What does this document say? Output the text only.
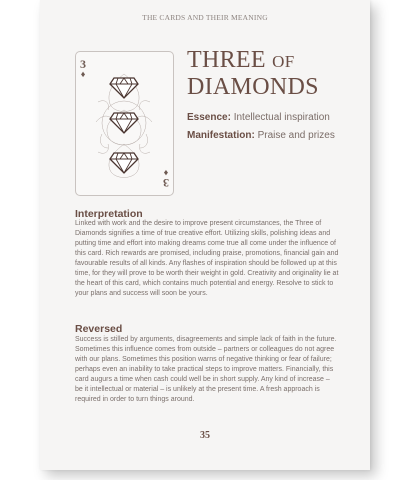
THE CARDS AND THEIR MEANING
3
♦
3
♦
THREE OF
DIAMONDS
Essence: Intellectual inspiration
Manifestation: Praise and prizes
Interpretation
Linked with work and the desire to improve present circumstances, the Three of Diamonds signifies a time of true creative effort. Utilizing skills, polishing ideas and putting time and effort into making dreams come true all come under the influence of this card. Rich rewards are promised, including praise, promotions, financial gain and favourable results of all kinds. Any flashes of inspiration should be followed up at this time, for they will prove to be worth their weight in gold. Creativity and originality lie at the heart of this card, which contains much potential and energy. Resolve to stick to your plans and success will soon be yours.
Reversed
Success is stilled by arguments, disagreements and simple lack of faith in the future. Sometimes this influence comes from outside – partners or colleagues do not agree with our plans. Sometimes this position warns of negative thinking or fear of failure; perhaps even an inability to take practical steps to improve matters. Financially, this card augurs a time when cash could well be in short supply. Any kind of increase – be it intellectual or material – is unlikely at the present time. A fresh approach is required in order to turn things around.
35
